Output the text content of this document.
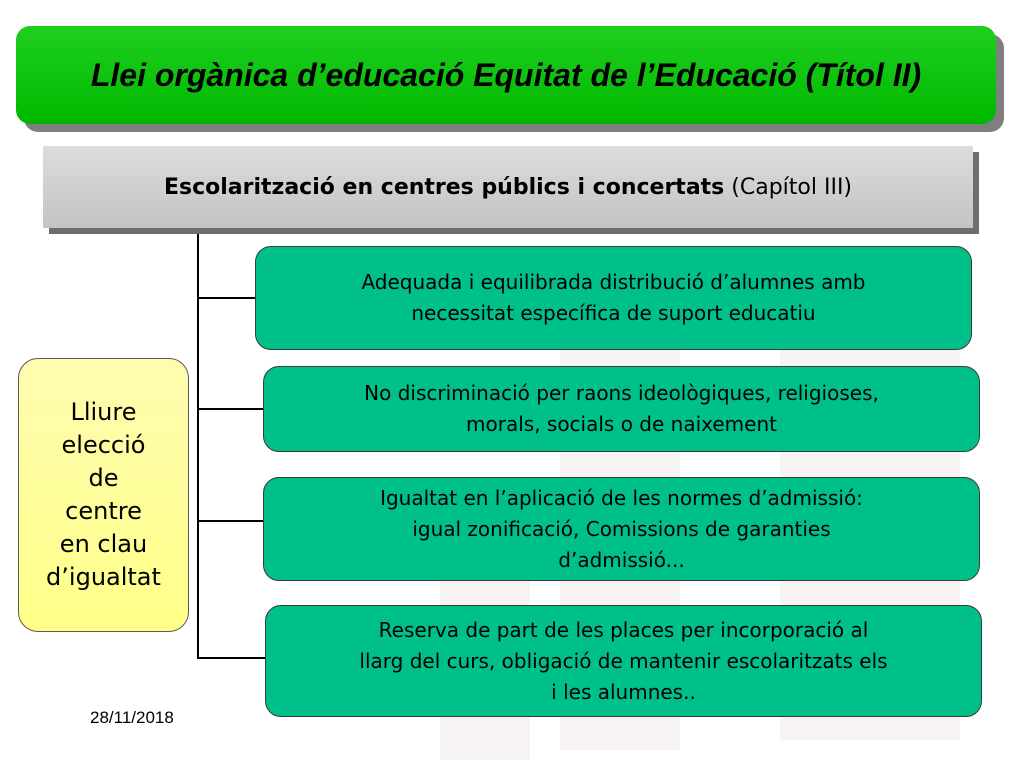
Llei orgànica d’educació Equitat de l’Educació (Títol II)
Escolarització en centres públics i concertats (Capítol III)
Lliure
elecció
de
centre
en clau
d’igualtat
Adequada i equilibrada distribució d’alumnes amb
necessitat específica de suport educatiu
No discriminació per raons ideològiques, religioses,
morals, socials o de naixement
Igualtat en l’aplicació de les normes d’admissió:
igual zonificació, Comissions de garanties
d’admissió...
Reserva de part de les places per incorporació al
llarg del curs, obligació de mantenir escolaritzats els
i les alumnes..
28/11/2018
